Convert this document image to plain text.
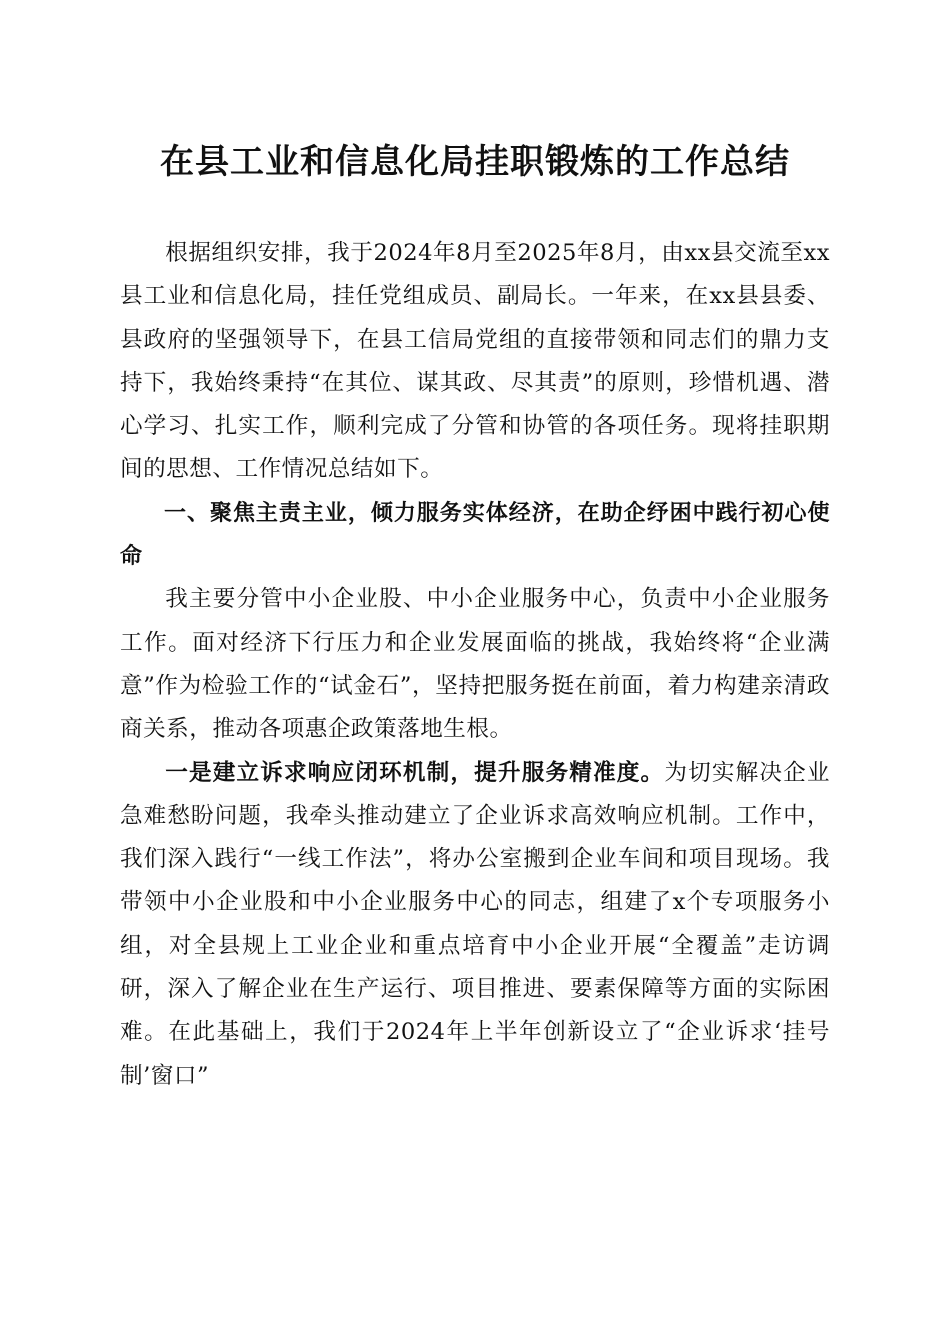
在县工业和信息化局挂职锻炼的工作总结

根据组织安排，我于2024年8月至2025年8月，由xx县交流至xx县工业和信息化局，挂任党组成员、副局长。一年来，在xx县县委、县政府的坚强领导下，在县工信局党组的直接带领和同志们的鼎力支持下，我始终秉持“在其位、谋其政、尽其责”的原则，珍惜机遇、潜心学习、扎实工作，顺利完成了分管和协管的各项任务。现将挂职期间的思想、工作情况总结如下。

一、聚焦主责主业，倾力服务实体经济，在助企纾困中践行初心使命

我主要分管中小企业股、中小企业服务中心，负责中小企业服务工作。面对经济下行压力和企业发展面临的挑战，我始终将“企业满意”作为检验工作的“试金石”，坚持把服务挺在前面，着力构建亲清政商关系，推动各项惠企政策落地生根。

一是建立诉求响应闭环机制，提升服务精准度。为切实解决企业急难愁盼问题，我牵头推动建立了企业诉求高效响应机制。工作中，我们深入践行“一线工作法”，将办公室搬到企业车间和项目现场。我带领中小企业股和中小企业服务中心的同志，组建了x个专项服务小组，对全县规上工业企业和重点培育中小企业开展“全覆盖”走访调研，深入了解企业在生产运行、项目推进、要素保障等方面的实际困难。在此基础上，我们于2024年上半年创新设立了“企业诉求‘挂号制’窗口”
